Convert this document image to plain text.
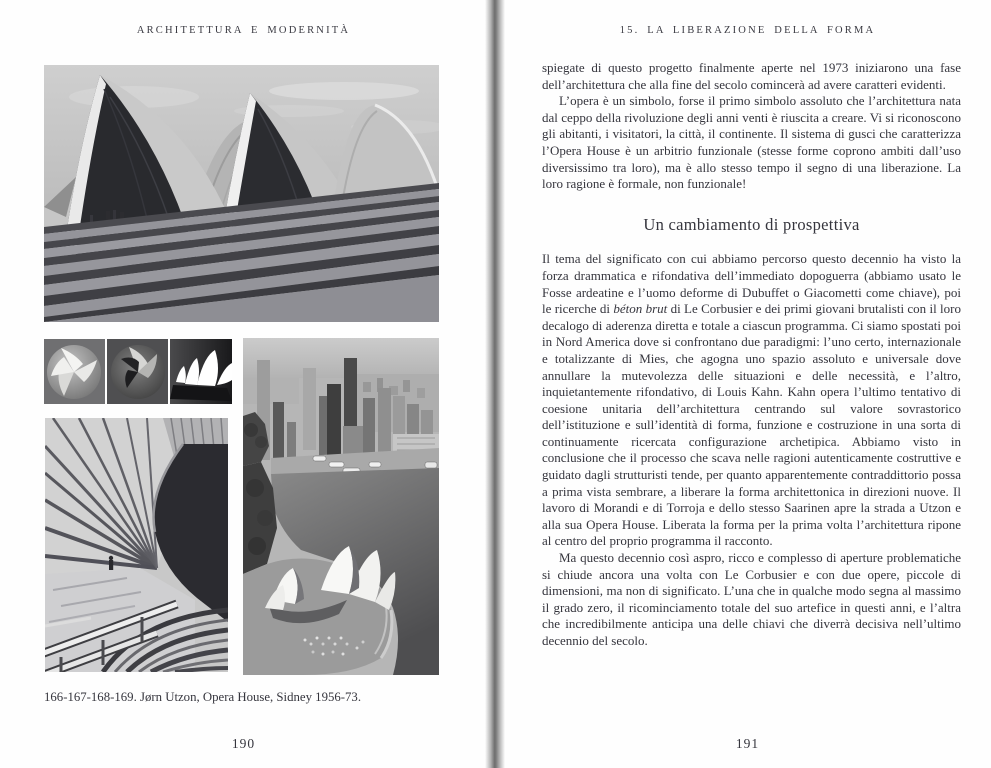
ARCHITETTURA E MODERNITÀ
166-167-168-169. Jørn Utzon, Opera House, Sidney 1956-73.
190
15. LA LIBERAZIONE DELLA FORMA

spiegate di questo progetto finalmente aperte nel 1973 iniziarono una fase dell’architettura che alla fine del secolo comincerà ad avere caratteri evidenti.

L’opera è un simbolo, forse il primo simbolo assoluto che l’architettura nata dal ceppo della rivoluzione degli anni venti è riuscita a creare. Vi si riconoscono gli abitanti, i visitatori, la città, il continente. Il sistema di gusci che caratterizza l’Opera House è un arbitrio funzionale (stesse forme coprono ambiti dall’uso diversissimo tra loro), ma è allo stesso tempo il segno di una liberazione. La loro ragione è formale, non funzionale!

Un cambiamento di prospettiva

Il tema del significato con cui abbiamo percorso questo decennio ha visto la forza drammatica e rifondativa dell’immediato dopoguerra (abbiamo usato le Fosse ardeatine e l’uomo deforme di Dubuffet o Giacometti come chiave), poi le ricerche di béton brut di Le Corbusier e dei primi giovani brutalisti con il loro decalogo di aderenza diretta e totale a ciascun programma. Ci siamo spostati poi in Nord America dove si confrontano due paradigmi: l’uno certo, internazionale e totalizzante di Mies, che agogna uno spazio assoluto e universale dove annullare la mutevolezza delle situazioni e delle necessità, e l’altro, inquietantemente rifondativo, di Louis Kahn. Kahn opera l’ultimo tentativo di coesione unitaria dell’architettura centrando sul valore sovrastorico dell’istituzione e sull’identità di forma, funzione e costruzione in una sorta di continuamente ricercata configurazione archetipica. Abbiamo visto in conclusione che il processo che scava nelle ragioni autenticamente costruttive e guidato dagli strutturisti tende, per quanto apparentemente contraddittorio possa a prima vista sembrare, a liberare la forma architettonica in direzioni nuove. Il lavoro di Morandi e di Torroja e dello stesso Saarinen apre la strada a Utzon e alla sua Opera House. Liberata la forma per la prima volta l’architettura ripone al centro del proprio programma il racconto.

Ma questo decennio così aspro, ricco e complesso di aperture problematiche si chiude ancora una volta con Le Corbusier e con due opere, piccole di dimensioni, ma non di significato. L’una che in qualche modo segna al massimo il grado zero, il ricominciamento totale del suo artefice in questi anni, e l’altra che incredibilmente anticipa una delle chiavi che diverrà decisiva nell’ultimo decennio del secolo.

191
